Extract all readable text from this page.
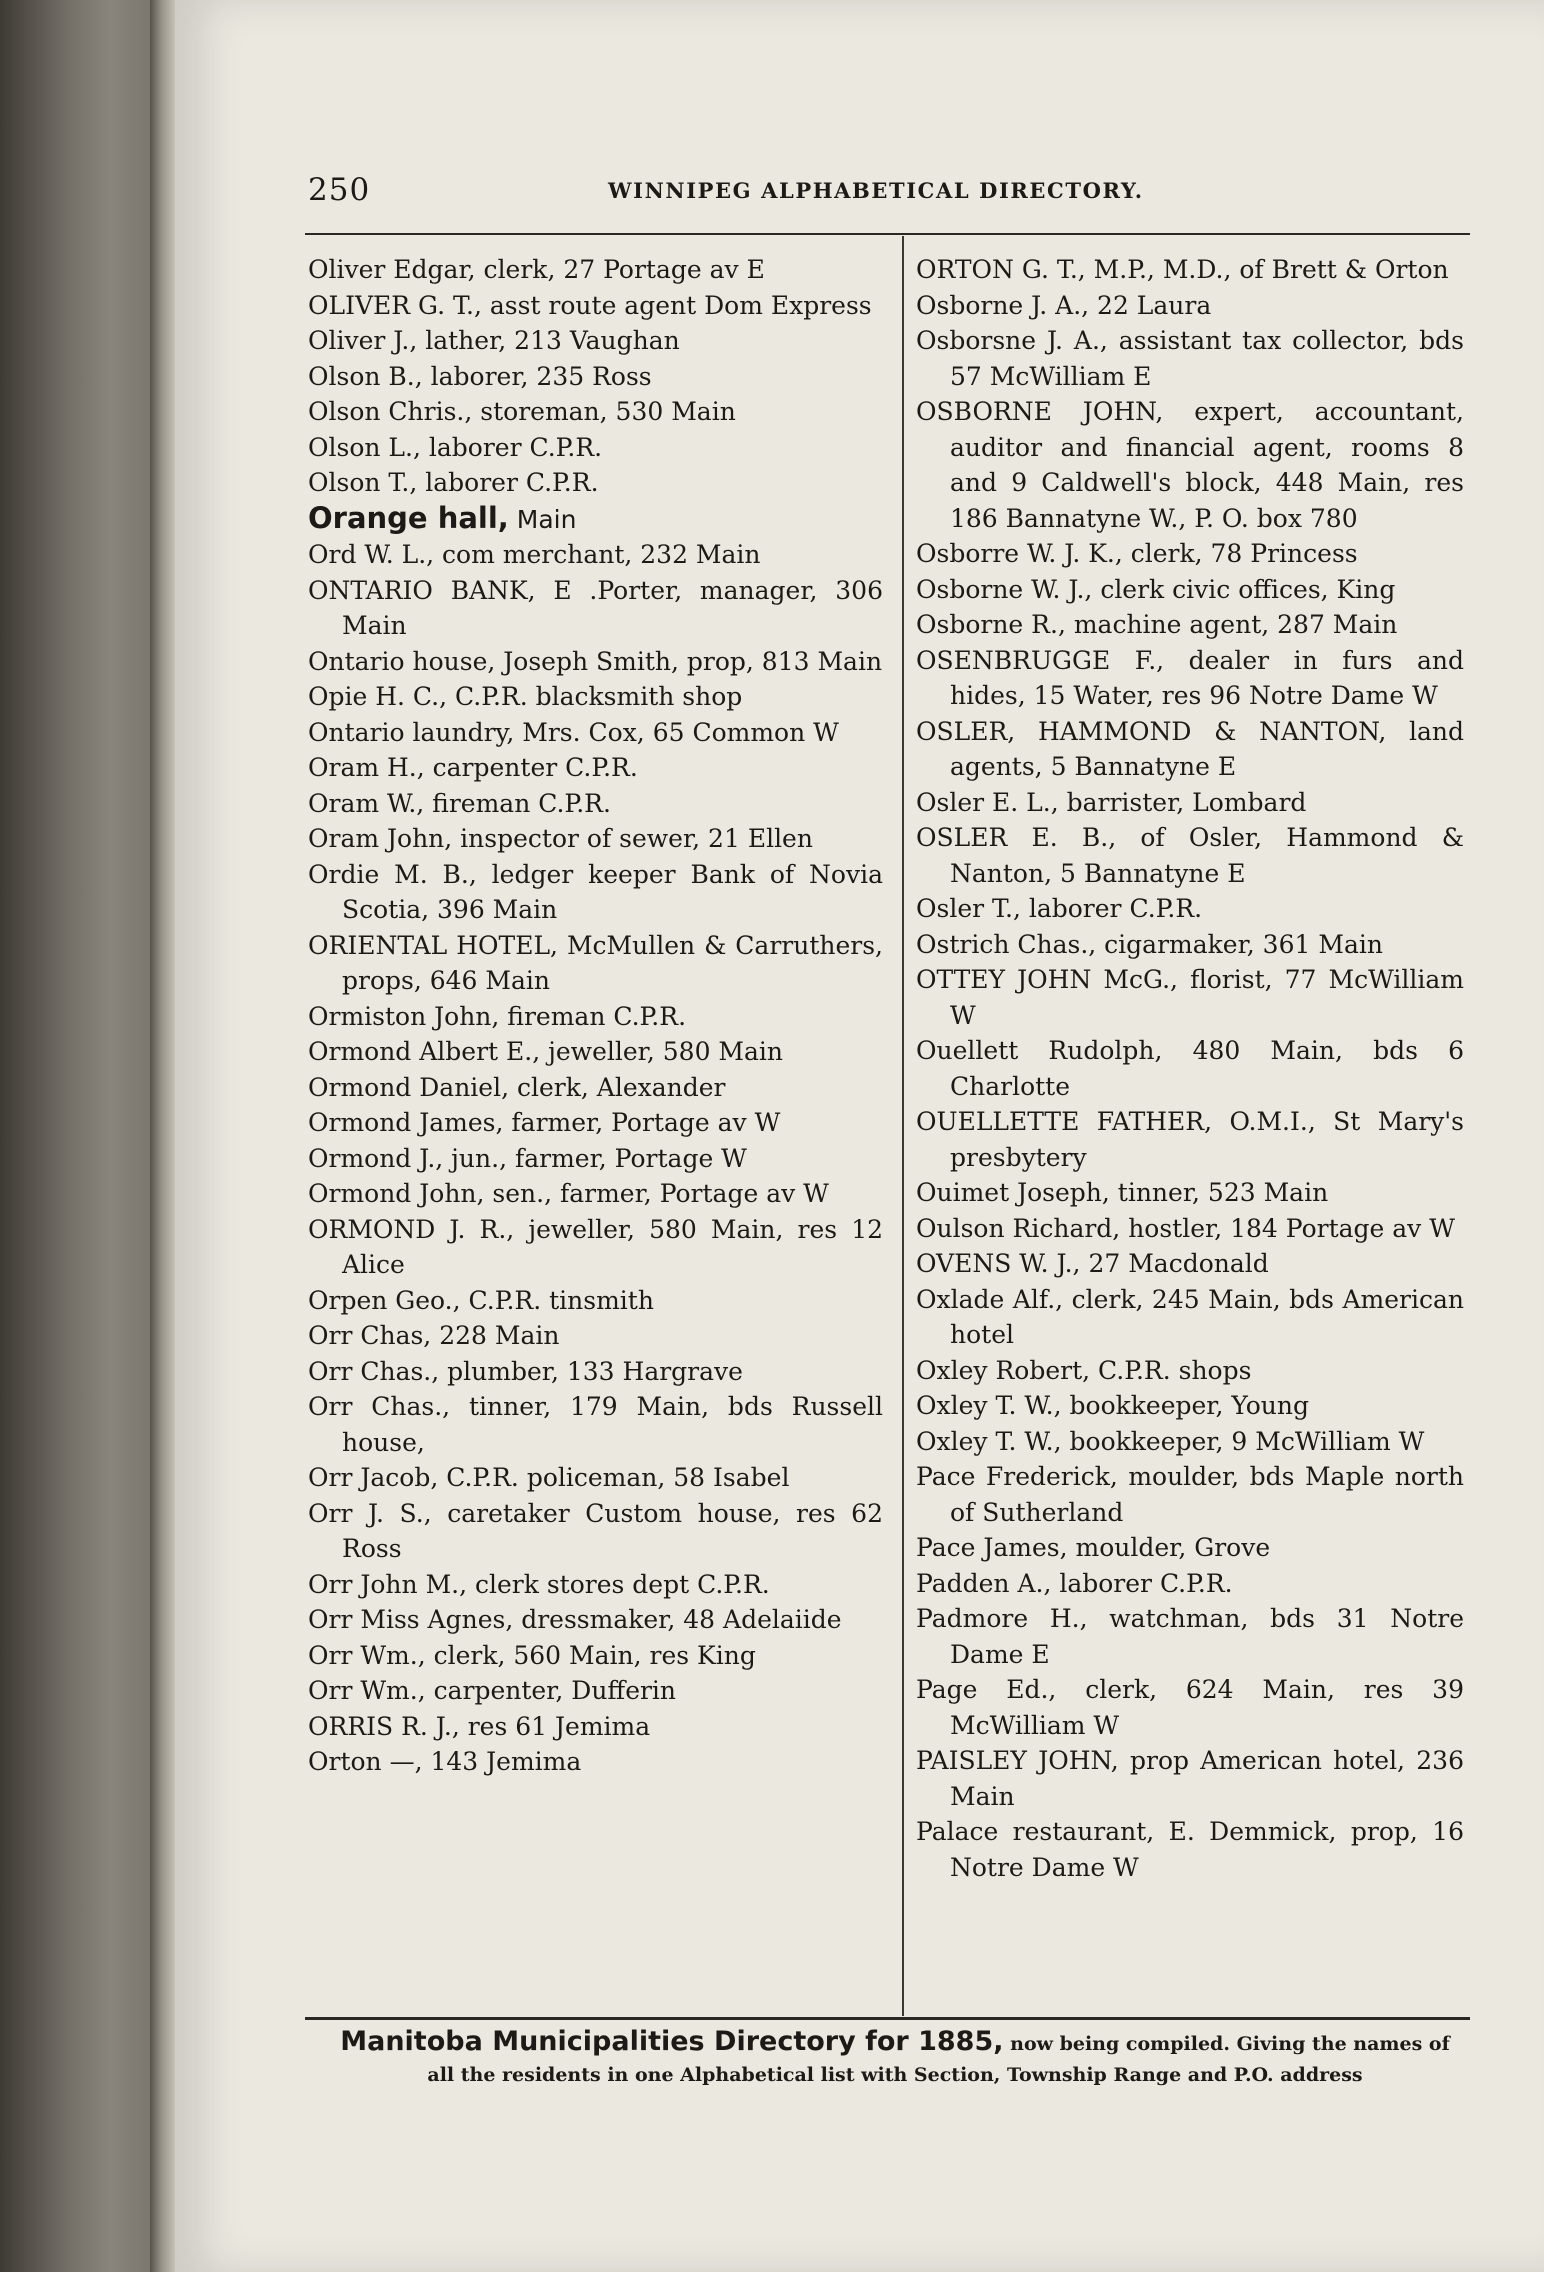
250	WINNIPEG ALPHABETICAL DIRECTORY.

Oliver Edgar, clerk, 27 Portage av E

OLIVER G. T., asst route agent Dom Express

Oliver J., lather, 213 Vaughan

Olson B., laborer, 235 Ross

Olson Chris., storeman, 530 Main

Olson L., laborer C.P.R.

Olson T., laborer C.P.R.

Orange hall, Main

Ord W. L., com merchant, 232 Main

ONTARIO BANK, E .Porter, manager, 306 Main

Ontario house, Joseph Smith, prop, 813 Main

Opie H. C., C.P.R. blacksmith shop

Ontario laundry, Mrs. Cox, 65 Common W

Oram H., carpenter C.P.R.

Oram W., fireman C.P.R.

Oram John, inspector of sewer, 21 Ellen

Ordie M. B., ledger keeper Bank of Novia Scotia, 396 Main

ORIENTAL HOTEL, McMullen & Carruthers, props, 646 Main

Ormiston John, fireman C.P.R.

Ormond Albert E., jeweller, 580 Main

Ormond Daniel, clerk, Alexander

Ormond James, farmer, Portage av W

Ormond J., jun., farmer, Portage W

Ormond John, sen., farmer, Portage av W

ORMOND J. R., jeweller, 580 Main, res 12 Alice

Orpen Geo., C.P.R. tinsmith

Orr Chas, 228 Main

Orr Chas., plumber, 133 Hargrave

Orr Chas., tinner, 179 Main, bds Russell house,

Orr Jacob, C.P.R. policeman, 58 Isabel

Orr J. S., caretaker Custom house, res 62 Ross

Orr John M., clerk stores dept C.P.R.

Orr Miss Agnes, dressmaker, 48 Adelaiide

Orr Wm., clerk, 560 Main, res King

Orr Wm., carpenter, Dufferin

ORRIS R. J., res 61 Jemima

Orton —, 143 Jemima

ORTON G. T., M.P., M.D., of Brett & Orton

Osborne J. A., 22 Laura

Osborsne J. A., assistant tax collector, bds 57 McWilliam E

OSBORNE JOHN, expert, accountant, auditor and financial agent, rooms 8 and 9 Caldwell's block, 448 Main, res 186 Bannatyne W., P. O. box 780

Osborre W. J. K., clerk, 78 Princess

Osborne W. J., clerk civic offices, King

Osborne R., machine agent, 287 Main

OSENBRUGGE F., dealer in furs and hides, 15 Water, res 96 Notre Dame W

OSLER, HAMMOND & NANTON, land agents, 5 Bannatyne E

Osler E. L., barrister, Lombard

OSLER E. B., of Osler, Hammond & Nanton, 5 Bannatyne E

Osler T., laborer C.P.R.

Ostrich Chas., cigarmaker, 361 Main

OTTEY JOHN McG., florist, 77 McWilliam W

Ouellett Rudolph, 480 Main, bds 6 Charlotte

OUELLETTE FATHER, O.M.I., St Mary's presbytery

Ouimet Joseph, tinner, 523 Main

Oulson Richard, hostler, 184 Portage av W

OVENS W. J., 27 Macdonald

Oxlade Alf., clerk, 245 Main, bds American hotel

Oxley Robert, C.P.R. shops

Oxley T. W., bookkeeper, Young

Oxley T. W., bookkeeper, 9 McWilliam W

Pace Frederick, moulder, bds Maple north of Sutherland

Pace James, moulder, Grove

Padden A., laborer C.P.R.

Padmore H., watchman, bds 31 Notre Dame E

Page Ed., clerk, 624 Main, res 39 McWilliam W

PAISLEY JOHN, prop American hotel, 236 Main

Palace restaurant, E. Demmick, prop, 16 Notre Dame W

Manitoba Municipalities Directory for 1885, now being compiled. Giving the names of
all the residents in one Alphabetical list with Section, Township Range and P.O. address
